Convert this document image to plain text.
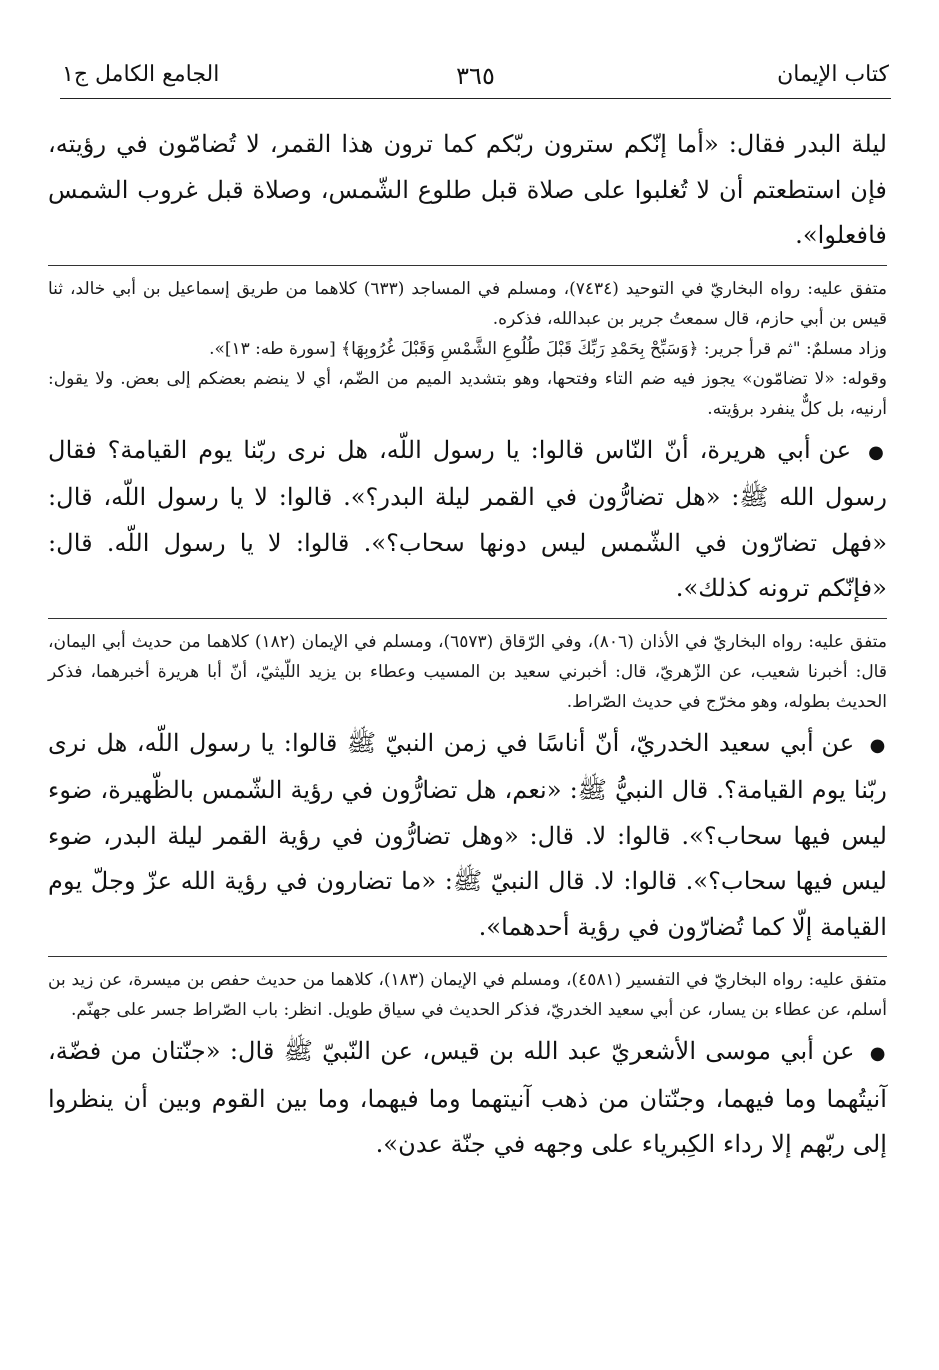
كتاب الإيمان
٣٦٥
الجامع الكامل ج١

ليلة البدر فقال: «أما إنّكم سترون ربّكم كما ترون هذا القمر، لا تُضامّون في رؤيته، فإن استطعتم أن لا تُغلبوا على صلاة قبل طلوع الشّمس، وصلاة قبل غروب الشمس فافعلوا».

متفق عليه: رواه البخاريّ في التوحيد (٧٤٣٤)، ومسلم في المساجد (٦٣٣) كلاهما من طريق إسماعيل بن أبي خالد، ثنا قيس بن أبي حازم، قال سمعتُ جرير بن عبدالله، فذكره.

وزاد مسلمٌ: "ثم قرأ جرير: ﴿وَسَبِّحْ بِحَمْدِ رَبِّكَ قَبْلَ طُلُوعِ الشَّمْسِ وَقَبْلَ غُرُوبِهَا﴾ [سورة طه: ١٣]».

وقوله: «لا تضامّون» يجوز فيه ضم التاء وفتحها، وهو بتشديد الميم من الضّم، أي لا ينضم بعضكم إلى بعض. ولا يقول: أرنيه، بل كلٌّ ينفرد برؤيته.

● عن أبي هريرة، أنّ النّاس قالوا: يا رسول اللّه، هل نرى ربّنا يوم القيامة؟ فقال رسول الله ﷺ: «هل تضارُّون في القمر ليلة البدر؟». قالوا: لا يا رسول اللّه، قال: «فهل تضارّون في الشّمس ليس دونها سحاب؟». قالوا: لا يا رسول اللّه. قال: «فإنّكم ترونه كذلك».

متفق عليه: رواه البخاريّ في الأذان (٨٠٦)، وفي الرّقاق (٦٥٧٣)، ومسلم في الإيمان (١٨٢) كلاهما من حديث أبي اليمان، قال: أخبرنا شعيب، عن الزّهريّ، قال: أخبرني سعيد بن المسيب وعطاء بن يزيد اللّيثيّ، أنّ أبا هريرة أخبرهما، فذكر الحديث بطوله، وهو مخرّج في حديث الصّراط.

● عن أبي سعيد الخدريّ، أنّ أناسًا في زمن النبيّ ﷺ قالوا: يا رسول اللّه، هل نرى ربّنا يوم القيامة؟. قال النبيُّ ﷺ: «نعم، هل تضارُّون في رؤية الشّمس بالظّهيرة، ضوء ليس فيها سحاب؟». قالوا: لا. قال: «وهل تضارُّون في رؤية القمر ليلة البدر، ضوء ليس فيها سحاب؟». قالوا: لا. قال النبيّ ﷺ: «ما تضارون في رؤية الله عزّ وجلّ يوم القيامة إلّا كما تُضارّون في رؤية أحدهما».

متفق عليه: رواه البخاريّ في التفسير (٤٥٨١)، ومسلم في الإيمان (١٨٣)، كلاهما من حديث حفص بن ميسرة، عن زيد بن أسلم، عن عطاء بن يسار، عن أبي سعيد الخدريّ، فذكر الحديث في سياق طويل. انظر: باب الصّراط جسر على جهنّم.

● عن أبي موسى الأشعريّ عبد الله بن قيس، عن النّبيّ ﷺ قال: «جنّتان من فضّة، آنيتُهما وما فيهما، وجنّتان من ذهب آنيتهما وما فيهما، وما بين القوم وبين أن ينظروا إلى ربّهم إلا رداء الكِبرياء على وجهه في جنّة عدن».
